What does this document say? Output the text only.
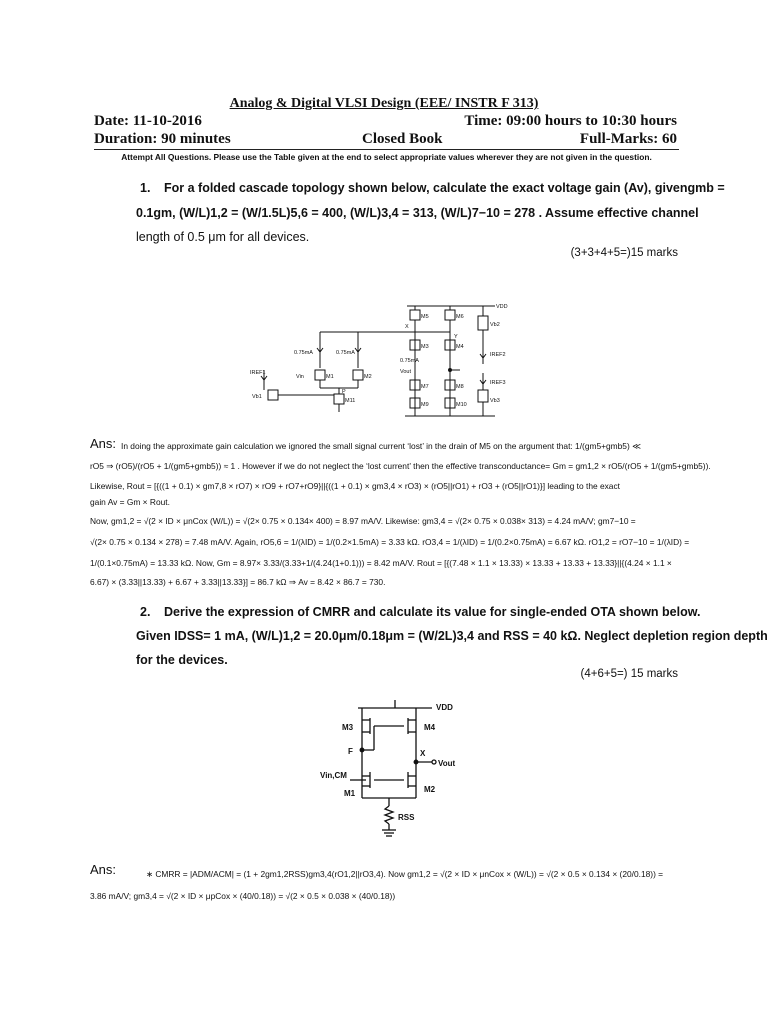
Analog & Digital VLSI Design (EEE/ INSTR F 313)
Date: 11-10-2016	Time: 09:00 hours to 10:30 hours
Duration: 90 minutes	Closed Book	Full-Marks: 60
Attempt All Questions. Please use the Table given at the end to select appropriate values wherever they are not given in the question.
1. For a folded cascade topology shown below, calculate the exact voltage gain (Av), givengmb =
0.1gm, (W/L)1,2 = (W/1.5L)5,6 = 400, (W/L)3,4 = 313, (W/L)7−10 = 278 . Assume effective channel
length of 0.5 μm for all devices.
(3+3+4+5=)15 marks
VDD
Vb2
IREF2
IREF3
IREF1
Vb1
Vb3
Vin
Vout
X
Y
P
0.75mA	0.75mA
0.75mA
M1	M2
M3	M4
M5	M6
M7	M8
M9	M10
M11
Ans: In doing the approximate gain calculation we ignored the small signal current ‘lost’ in the drain of M5 on the argument that: 1/(gm5+gmb5) ≪
rO5 ⇒ (rO5)/(rO5 + 1/(gm5+gmb5)) ≈ 1 . However if we do not neglect the ‘lost current’ then the effective transconductance= Gm = gm1,2 × rO5/(rO5 + 1/(gm5+gmb5)).
Likewise, Rout = [{((1 + 0.1) × gm7,8 × rO7) × rO9 + rO7+rO9}||{((1 + 0.1) × gm3,4 × rO3) × (rO5||rO1) + rO3 + (rO5||rO1)}] leading to the exact
gain Av = Gm × Rout.
Now, gm1,2 = √(2 × ID × μnCox (W/L)) = √(2× 0.75 × 0.134× 400) = 8.97 mA/V. Likewise: gm3,4 = √(2× 0.75 × 0.038× 313) = 4.24 mA/V; gm7−10 =
√(2× 0.75 × 0.134 × 278) = 7.48 mA/V. Again, rO5,6 = 1/(λID) = 1/(0.2×1.5mA) = 3.33 kΩ. rO3,4 = 1/(λID) = 1/(0.2×0.75mA) = 6.67 kΩ. rO1,2 = rO7−10 = 1/(λID) =
1/(0.1×0.75mA) = 13.33 kΩ. Now, Gm = 8.97× 3.33/(3.33+1/(4.24(1+0.1))) = 8.42 mA/V. Rout = [{(7.48 × 1.1 × 13.33) × 13.33 + 13.33 + 13.33}||{(4.24 × 1.1 ×
6.67) × (3.33||13.33) + 6.67 + 3.33||13.33}] = 86.7 kΩ ⇒ Av = 8.42 × 86.7 = 730.
2. Derive the expression of CMRR and calculate its value for single-ended OTA shown below.
Given IDSS= 1 mA, (W/L)1,2 = 20.0μm/0.18μm = (W/2L)3,4 and RSS = 40 kΩ. Neglect depletion region depth
for the devices.
(4+6+5=) 15 marks
VDD
M3	M4
F	X
Vout
Vin,CM
M1	M2
RSS
Ans:	∗ CMRR = |ADM/ACM| = (1 + 2gm1,2RSS)gm3,4(rO1,2||rO3,4). Now gm1,2 = √(2 × ID × μnCox × (W/L)) = √(2 × 0.5 × 0.134 × (20/0.18)) =
3.86 mA/V; gm3,4 = √(2 × ID × μpCox × (40/0.18)) = √(2 × 0.5 × 0.038 × (40/0.18))
